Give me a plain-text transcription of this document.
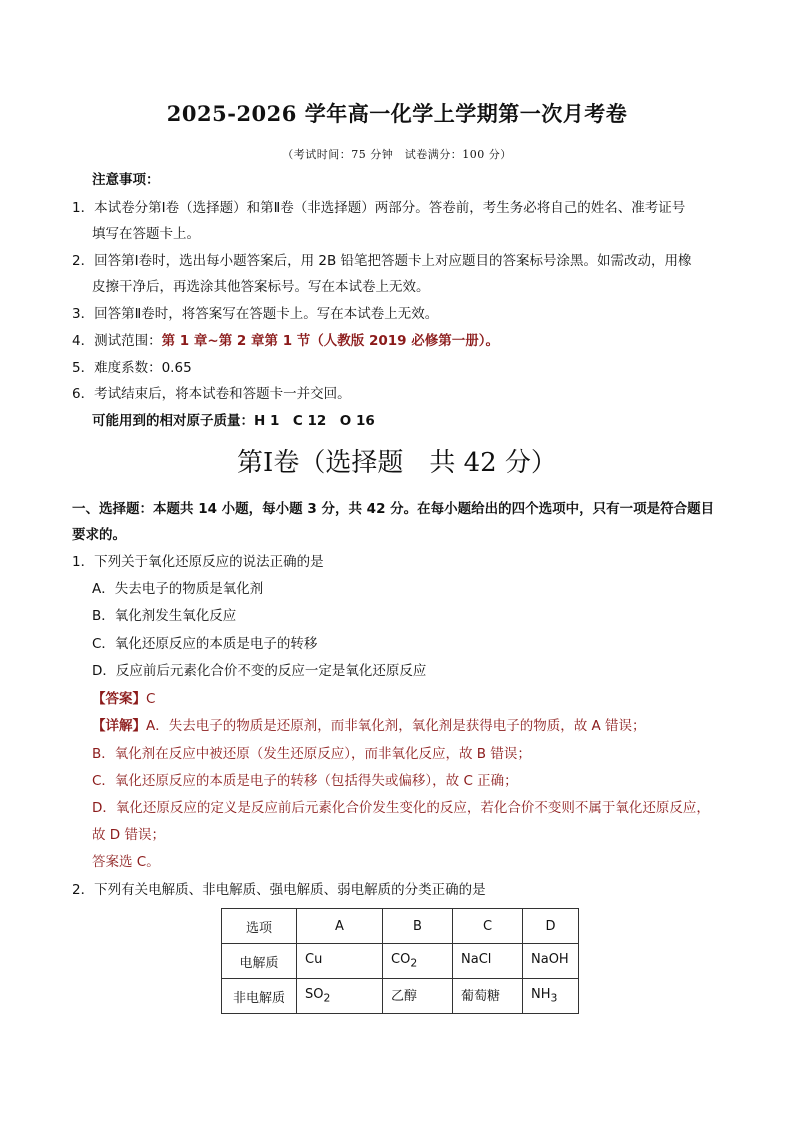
2025-2026 学年高一化学上学期第一次月考卷
（考试时间：75 分钟　试卷满分：100 分）
注意事项：
1．本试卷分第Ⅰ卷（选择题）和第Ⅱ卷（非选择题）两部分。答卷前，考生务必将自己的姓名、准考证号
填写在答题卡上。
2．回答第Ⅰ卷时，选出每小题答案后，用 2B 铅笔把答题卡上对应题目的答案标号涂黑。如需改动，用橡
皮擦干净后，再选涂其他答案标号。写在本试卷上无效。
3．回答第Ⅱ卷时，将答案写在答题卡上。写在本试卷上无效。
4．测试范围：第 1 章~第 2 章第 1 节（人教版 2019 必修第一册）。
5．难度系数：0.65
6．考试结束后，将本试卷和答题卡一并交回。
可能用到的相对原子质量：H 1　C 12　O 16
第Ⅰ卷（选择题　共 42 分）
一、选择题：本题共 14 小题，每小题 3 分，共 42 分。在每小题给出的四个选项中，只有一项是符合题目
要求的。
1．下列关于氧化还原反应的说法正确的是
A．失去电子的物质是氧化剂
B．氧化剂发生氧化反应
C．氧化还原反应的本质是电子的转移
D．反应前后元素化合价不变的反应一定是氧化还原反应
【答案】C
【详解】A．失去电子的物质是还原剂，而非氧化剂，氧化剂是获得电子的物质，故 A 错误；
B．氧化剂在反应中被还原（发生还原反应），而非氧化反应，故 B 错误；
C．氧化还原反应的本质是电子的转移（包括得失或偏移），故 C 正确；
D．氧化还原反应的定义是反应前后元素化合价发生变化的反应，若化合价不变则不属于氧化还原反应，
故 D 错误；
答案选 C。
2．下列有关电解质、非电解质、强电解质、弱电解质的分类正确的是
选项	A	B	C	D
电解质	Cu	$CO_2$	NaCl	NaOH
非电解质	$SO_2$	乙醇	葡萄糖	$NH_3$
